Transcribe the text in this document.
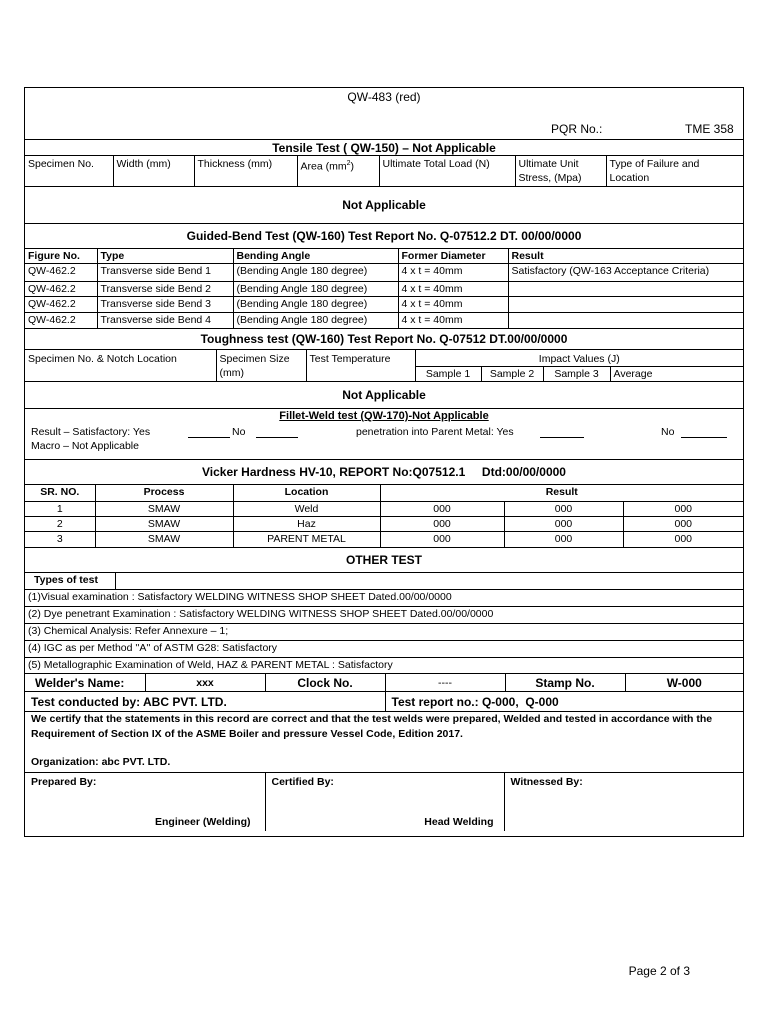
QW-483 (red)
PQR No.:	TME 358
Tensile Test ( QW-150) – Not Applicable
Specimen No.	Width (mm)	Thickness (mm)	Area $(mm^2)$	Ultimate Total Load (N)	Ultimate Unit Stress, (Mpa)	Type of Failure and Location
Not Applicable
Guided-Bend Test (QW-160) Test Report No. Q-07512.2 DT. 00/00/0000
Figure No.	Type	Bending Angle	Former Diameter	Result
QW-462.2	Transverse side Bend 1	(Bending Angle 180 degree)	4 x t = 40mm	Satisfactory (QW-163 Acceptance Criteria)
QW-462.2	Transverse side Bend 2	(Bending Angle 180 degree)	4 x t = 40mm	
QW-462.2	Transverse side Bend 3	(Bending Angle 180 degree)	4 x t = 40mm	
QW-462.2	Transverse side Bend 4	(Bending Angle 180 degree)	4 x t = 40mm	
Toughness test (QW-160) Test Report No. Q-07512 DT.00/00/0000
Specimen No. & Notch Location	Specimen Size (mm)	Test Temperature	Impact Values (J)			
			Sample 1	Sample 2	Sample 3	Average
Not Applicable
Fillet-Weld test (QW-170)-Not Applicable
Result – Satisfactory: Yes	No	penetration into Parent Metal: Yes	No
Macro – Not Applicable
Vicker Hardness HV-10, REPORT No:Q07512.1     Dtd:00/00/0000
SR. NO.	Process	Location	Result		
1	SMAW	Weld	000	000	000
2	SMAW	Haz	000	000	000
3	SMAW	PARENT METAL	000	000	000
OTHER TEST
Types of test	
(1)Visual examination : Satisfactory WELDING WITNESS SHOP SHEET Dated.00/00/0000
(2) Dye penetrant Examination : Satisfactory WELDING WITNESS SHOP SHEET Dated.00/00/0000
(3) Chemical Analysis: Refer Annexure – 1;
(4) IGC as per Method ''A'' of ASTM G28: Satisfactory
(5) Metallographic Examination of Weld, HAZ & PARENT METAL : Satisfactory
Welder's Name:	xxx	Clock No.	----	Stamp No.	W-000
Test conducted by: ABC PVT. LTD.	Test report no.: Q-000,  Q-000
We certify that the statements in this record are correct and that the test welds were prepared, Welded and tested in accordance with the Requirement of Section IX of the ASME Boiler and pressure Vessel Code, Edition 2017.
Organization: abc PVT. LTD.
Prepared By:
Engineer (Welding)

Certified By:
Head Welding

Witnessed By:
Page 2 of 3
